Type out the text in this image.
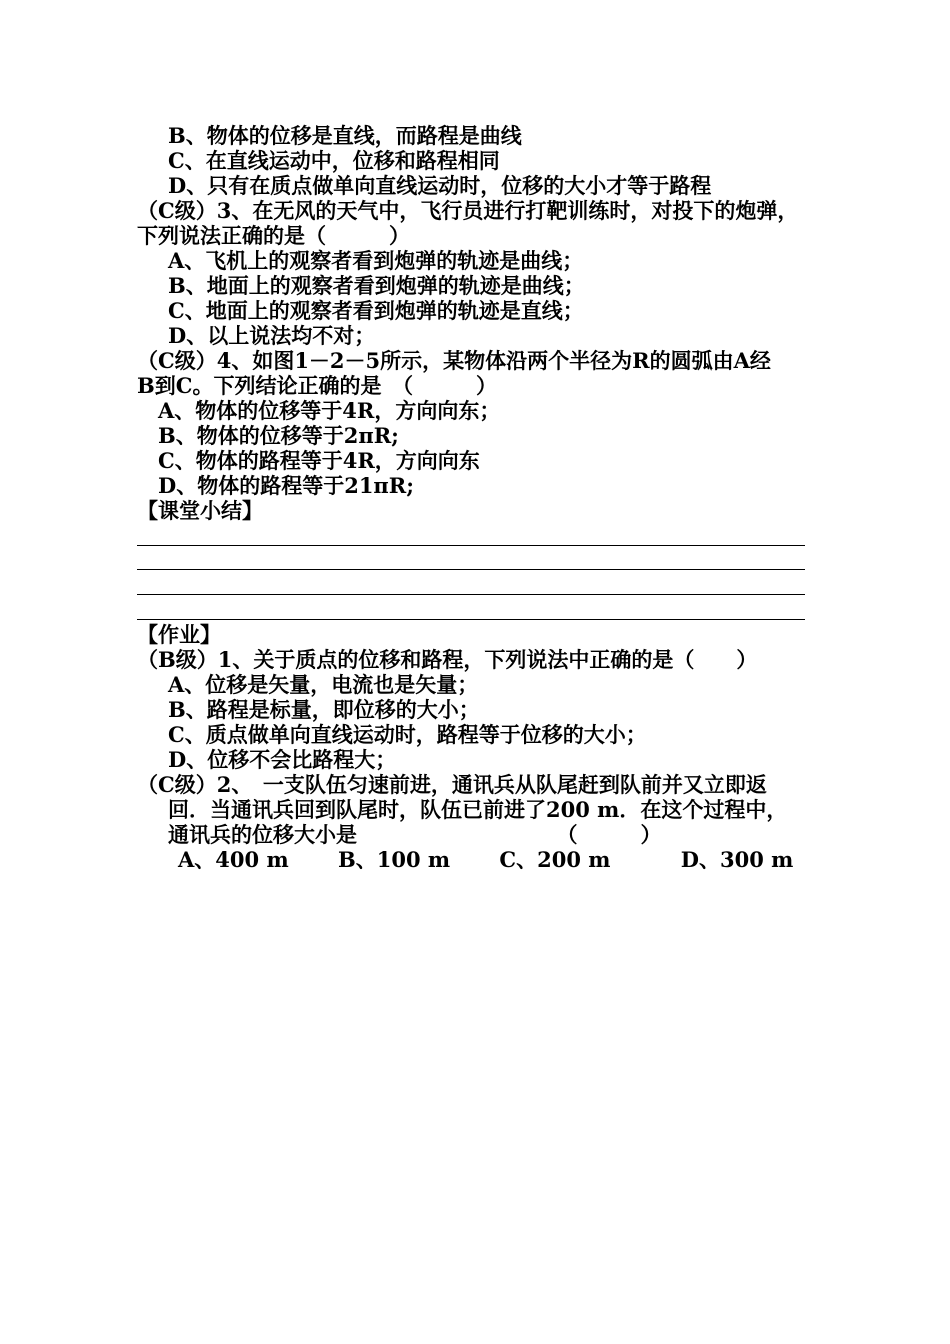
B、物体的位移是直线，而路程是曲线
C、在直线运动中，位移和路程相同
D、只有在质点做单向直线运动时，位移的大小才等于路程
（C级）3、在无风的天气中，飞行员进行打靶训练时，对投下的炮弹，
下列说法正确的是（　　　）
A、飞机上的观察者看到炮弹的轨迹是曲线；
B、地面上的观察者看到炮弹的轨迹是曲线；
C、地面上的观察者看到炮弹的轨迹是直线；
D、以上说法均不对；
（C级）4、如图1－2－5所示，某物体沿两个半径为R的圆弧由A经
B到C。下列结论正确的是　（　　　）
A、物体的位移等于4R，方向向东；
B、物体的位移等于2πR;
C、物体的路程等于4R，方向向东
D、物体的路程等于21πR;
【课堂小结】
【作业】
（B级）1、关于质点的位移和路程，下列说法中正确的是（　　）
A、位移是矢量，电流也是矢量；
B、路程是标量，即位移的大小；
C、质点做单向直线运动时，路程等于位移的大小；
D、位移不会比路程大；
（C级）2、　一支队伍匀速前进，通讯兵从队尾赶到队前并又立即返
回．当通讯兵回到队尾时，队伍已前进了200 m．在这个过程中，
通讯兵的位移大小是　　　　　　　　　　（　　　）
A、400 m　　 B、100 m　　 C、200 m　　　 D、300 m
